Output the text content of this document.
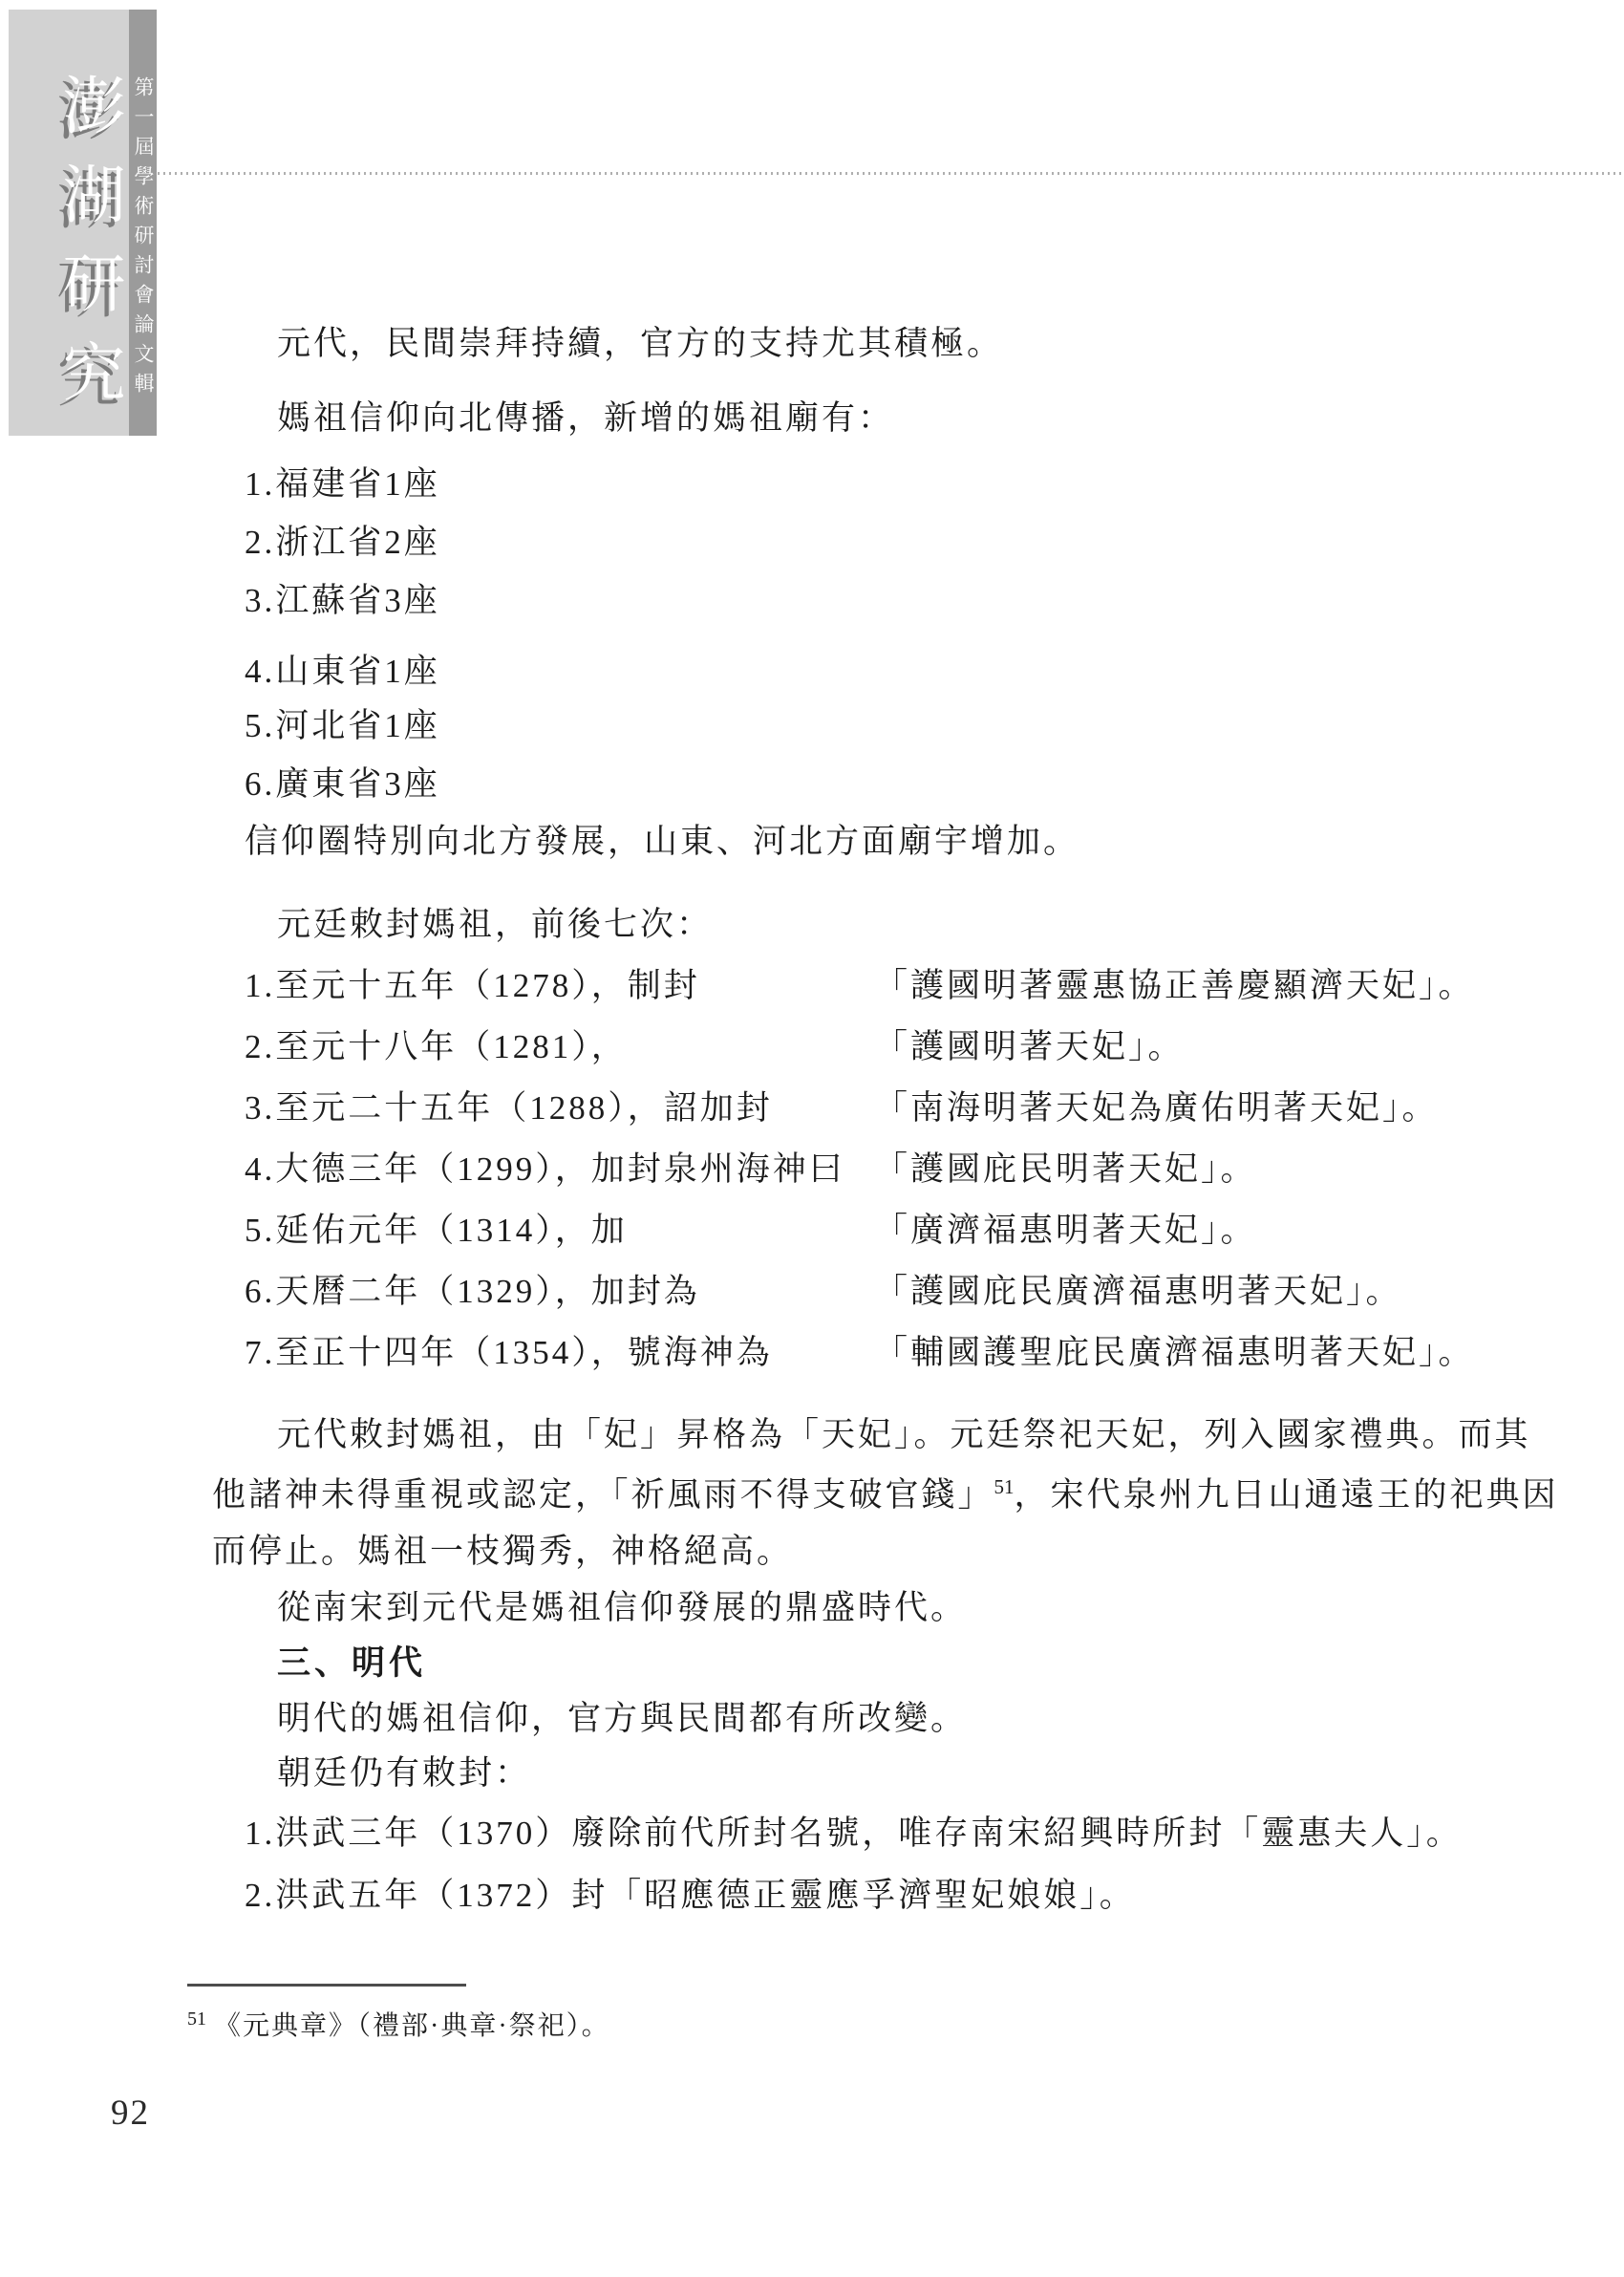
澎湖研究 第一屆學術研討會論文輯	元代，民間崇拜持續，官方的支持尤其積極。
媽祖信仰向北傳播，新增的媽祖廟有：
1.福建省1座
2.浙江省2座
3.江蘇省3座
4.山東省1座
5.河北省1座
6.廣東省3座
信仰圈特別向北方發展，山東、河北方面廟宇增加。
元廷敕封媽祖，前後七次：
1.至元十五年（1278），制封	「護國明著靈惠協正善慶顯濟天妃」。
2.至元十八年（1281），	「護國明著天妃」。
3.至元二十五年（1288），詔加封	「南海明著天妃為廣佑明著天妃」。
4.大德三年（1299），加封泉州海神曰 「護國庇民明著天妃」。
5.延佑元年（1314），加	「廣濟福惠明著天妃」。
6.天曆二年（1329），加封為	「護國庇民廣濟福惠明著天妃」。
7.至正十四年（1354），號海神為	「輔國護聖庇民廣濟福惠明著天妃」。
元代敕封媽祖，由「妃」昇格為「天妃」。元廷祭祀天妃，列入國家禮典。而其
他諸神未得重視或認定，「祈風雨不得支破官錢」$^{51}$，宋代泉州九日山通遠王的祀典因
而停止。媽祖一枝獨秀，神格絕高。
從南宋到元代是媽祖信仰發展的鼎盛時代。
三、明代
明代的媽祖信仰，官方與民間都有所改變。
朝廷仍有敕封：
1.洪武三年（1370）廢除前代所封名號，唯存南宋紹興時所封「靈惠夫人」。
2.洪武五年（1372）封「昭應德正靈應孚濟聖妃娘娘」。
$^{51}$ 《元典章》（禮部·典章·祭祀）。
92
